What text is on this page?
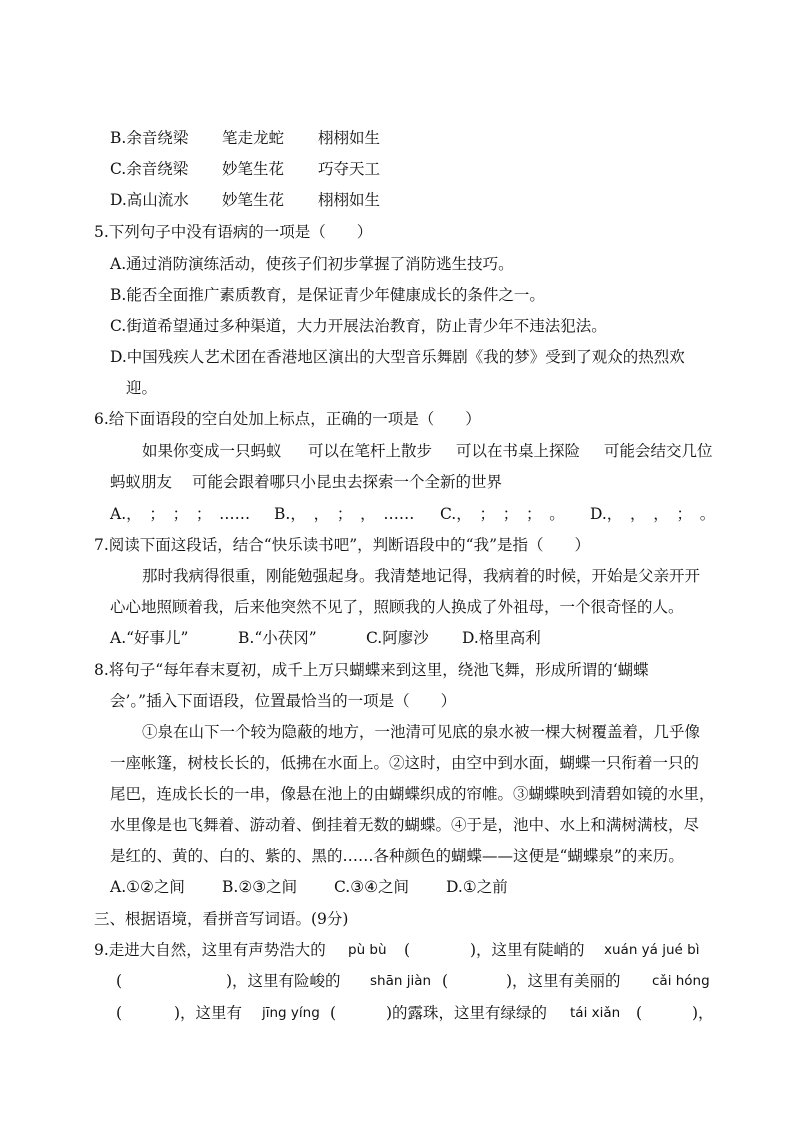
B.余音绕梁 笔走龙蛇 栩栩如生
C.余音绕梁 妙笔生花 巧夺天工
D.高山流水 妙笔生花 栩栩如生
5.下列句子中没有语病的一项是（　　）
A.通过消防演练活动，使孩子们初步掌握了消防逃生技巧。
B.能否全面推广素质教育，是保证青少年健康成长的条件之一。
C.街道希望通过多种渠道，大力开展法治教育，防止青少年不违法犯法。
D.中国残疾人艺术团在香港地区演出的大型音乐舞剧《我的梦》受到了观众的热烈欢
迎。
6.给下面语段的空白处加上标点，正确的一项是（　　）
如果你变成一只蚂蚁 可以在笔杆上散步 可以在书桌上探险 可能会结交几位
蚂蚁朋友 可能会跟着哪只小昆虫去探索一个全新的世界
A.，　；　；　；　…… B.，　，　；　，　…… C.，　；　；　；　。 D.，　，　，　；　。
7.阅读下面这段话，结合“快乐读书吧”，判断语段中的“我”是指（　　）
那时我病得很重，刚能勉强起身。我清楚地记得，我病着的时候，开始是父亲开开
心心地照顾着我，后来他突然不见了，照顾我的人换成了外祖母，一个很奇怪的人。
A.“好事儿”	B.“小茯冈”	C.阿廖沙 D.格里高利
8.将句子“每年春末夏初，成千上万只蝴蝶来到这里，绕池飞舞，形成所谓的‘蝴蝶
会’。”插入下面语段，位置最恰当的一项是（　　）
①泉在山下一个较为隐蔽的地方，一池清可见底的泉水被一棵大树覆盖着，几乎像
一座帐篷，树枝长长的，低拂在水面上。②这时，由空中到水面，蝴蝶一只衔着一只的
尾巴，连成长长的一串，像悬在池上的由蝴蝶织成的帘帷。③蝴蝶映到清碧如镜的水里，
水里像是也飞舞着、游动着、倒挂着无数的蝴蝶。④于是，池中、水上和满树满枝，尽
是红的、黄的、白的、紫的、黑的……各种颜色的蝴蝶——这便是“蝴蝶泉”的来历。
A.①②之间 B.②③之间 C.③④之间 D.①之前
三、根据语境，看拼音写词语。(9分)
9.走进大自然，这里有声势浩大的 pù bù (	)，这里有陡峭的 xuán yá jué bì
(	)，这里有险峻的 shān jiàn (	)，这里有美丽的 cǎi hóng
(	)，这里有 jīng yíng (	)的露珠，这里有绿绿的 tái xiǎn (	)，
